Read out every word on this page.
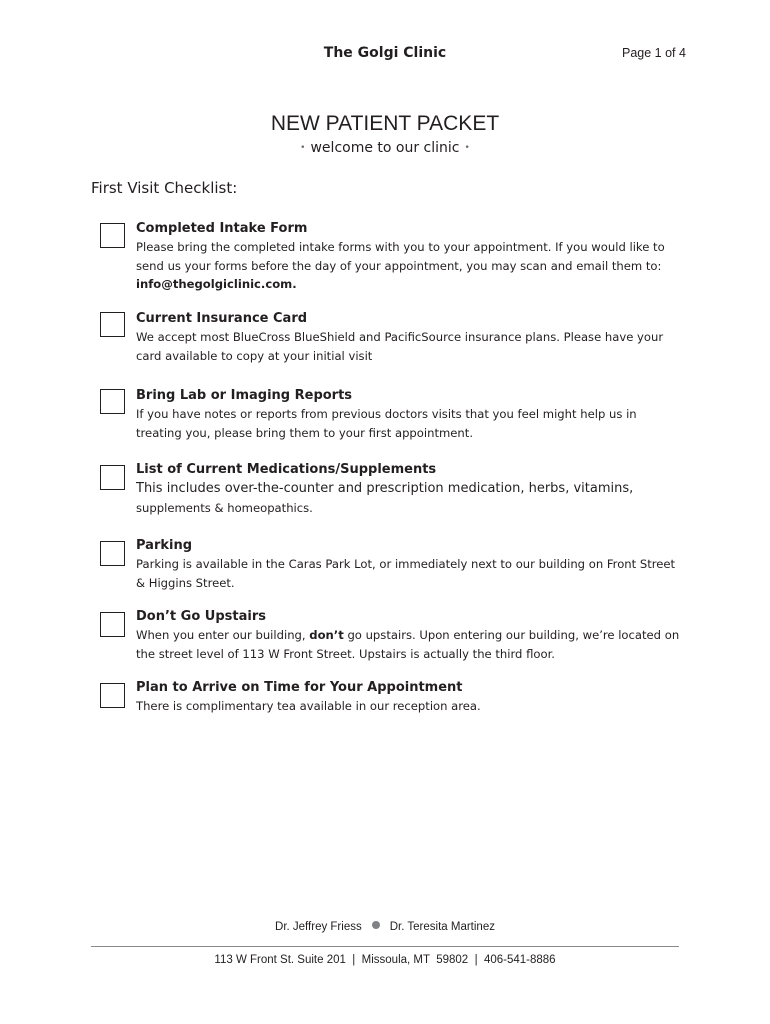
The Golgi Clinic	Page 1 of 4
NEW PATIENT PACKET
• welcome to our clinic •
First Visit Checklist:
Completed Intake Form
Please bring the completed intake forms with you to your appointment. If you would like to
send us your forms before the day of your appointment, you may scan and email them to:
info@thegolgiclinic.com.
Current Insurance Card
We accept most BlueCross BlueShield and PacificSource insurance plans. Please have your
card available to copy at your initial visit
Bring Lab or Imaging Reports
If you have notes or reports from previous doctors visits that you feel might help us in
treating you, please bring them to your first appointment.
List of Current Medications/Supplements
This includes over-the-counter and prescription medication, herbs, vitamins,
supplements & homeopathics.
Parking
Parking is available in the Caras Park Lot, or immediately next to our building on Front Street
& Higgins Street.
Don’t Go Upstairs
When you enter our building, don’t go upstairs. Upon entering our building, we’re located on
the street level of 113 W Front Street. Upstairs is actually the third floor.
Plan to Arrive on Time for Your Appointment
There is complimentary tea available in our reception area.
Dr. Jeffrey Friess Dr. Teresita Martinez
113 W Front St. Suite 201  |  Missoula, MT  59802  |  406-541-8886
